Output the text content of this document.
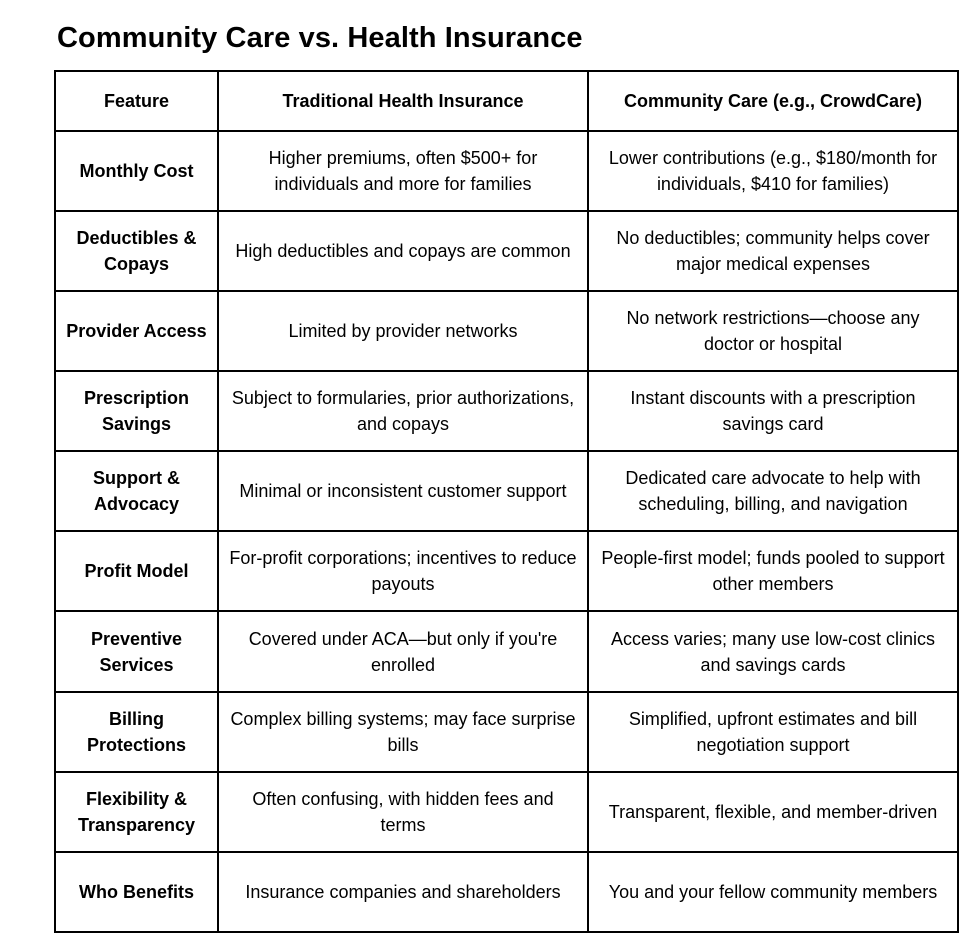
Community Care vs. Health Insurance
Feature	Traditional Health Insurance	Community Care (e.g., CrowdCare)
Monthly Cost	Higher premiums, often $500+ for individuals and more for families	Lower contributions (e.g., $180/month for individuals, $410 for families)
Deductibles & Copays	High deductibles and copays are common	No deductibles; community helps cover major medical expenses
Provider Access	Limited by provider networks	No network restrictions—choose any doctor or hospital
Prescription Savings	Subject to formularies, prior authorizations, and copays	Instant discounts with a prescription savings card
Support & Advocacy	Minimal or inconsistent customer support	Dedicated care advocate to help with scheduling, billing, and navigation
Profit Model	For-profit corporations; incentives to reduce payouts	People-first model; funds pooled to support other members
Preventive Services	Covered under ACA—but only if you're enrolled	Access varies; many use low-cost clinics and savings cards
Billing Protections	Complex billing systems; may face surprise bills	Simplified, upfront estimates and bill negotiation support
Flexibility & Transparency	Often confusing, with hidden fees and terms	Transparent, flexible, and member-driven
Who Benefits	Insurance companies and shareholders	You and your fellow community members
